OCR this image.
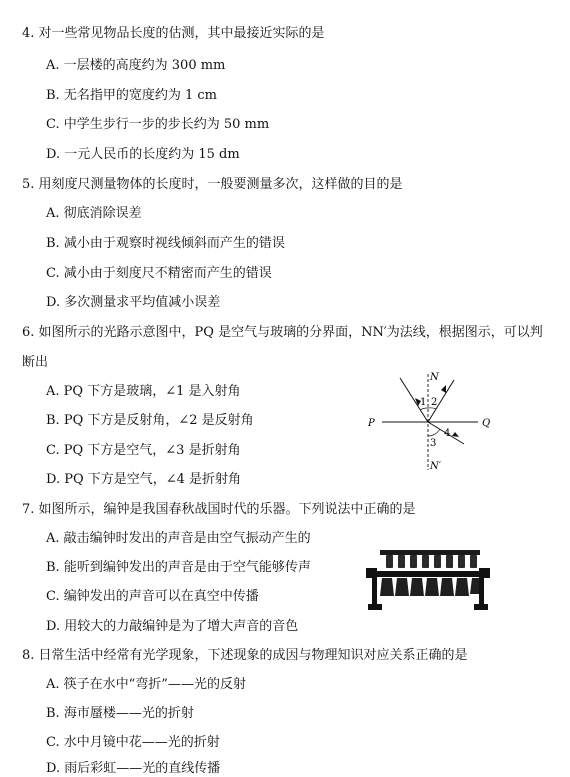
4. 对一些常见物品长度的估测，其中最接近实际的是
A. 一层楼的高度约为 300 mm
B. 无名指甲的宽度约为 1 cm
C. 中学生步行一步的步长约为 50 mm
D. 一元人民币的长度约为 15 dm
5. 用刻度尺测量物体的长度时，一般要测量多次，这样做的目的是
A. 彻底消除误差
B. 减小由于观察时视线倾斜而产生的错误
C. 减小由于刻度尺不精密而产生的错误
D. 多次测量求平均值减小误差
6. 如图所示的光路示意图中，PQ 是空气与玻璃的分界面，NN′为法线，根据图示，可以判
断出
A. PQ 下方是玻璃，∠1 是入射角
B. PQ 下方是反射角，∠2 是反射角
C. PQ 下方是空气，∠3 是折射角
D. PQ 下方是空气，∠4 是折射角
P	Q
N
N′
1 2
3
4
7. 如图所示，编钟是我国春秋战国时代的乐器。下列说法中正确的是
A. 敲击编钟时发出的声音是由空气振动产生的
B. 能听到编钟发出的声音是由于空气能够传声
C. 编钟发出的声音可以在真空中传播
D. 用较大的力敲编钟是为了增大声音的音色
8. 日常生活中经常有光学现象，下述现象的成因与物理知识对应关系正确的是
A. 筷子在水中“弯折”——光的反射
B. 海市蜃楼——光的折射
C. 水中月镜中花——光的折射
D. 雨后彩虹——光的直线传播
